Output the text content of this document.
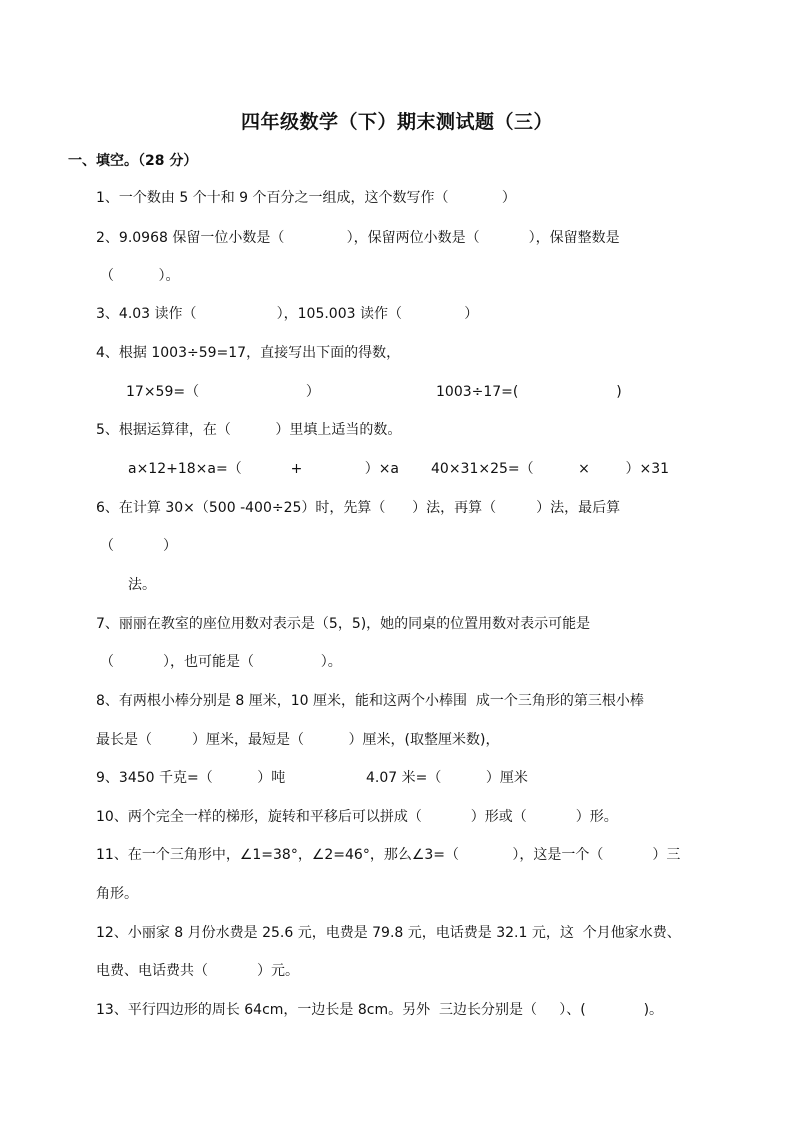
四年级数学（下）期末测试题（三）
一、填空。（28 分）
1、一个数由 5 个十和 9 个百分之一组成，这个数写作（            ）
2、9.0968 保留一位小数是（              ），保留两位小数是（           ），保留整数是
（          ）。
3、4.03 读作（                  ），105.003 读作（              ）
4、根据 1003÷59=17，直接写出下面的得数，
17×59=（                        ）	1003÷17=(                      )
5、根据运算律，在（          ）里填上适当的数。
a×12+18×a=（           +              ）×a 40×31×25=（          ×        ）×31
6、在计算 30×（500 -400÷25）时，先算（      ）法，再算（         ）法，最后算
（           ）
法。
7、丽丽在教室的座位用数对表示是（5，5)，她的同桌的位置用数对表示可能是
（           ），也可能是（               ）。
8、有两根小棒分别是 8 厘米，10 厘米，能和这两个小棒围  成一个三角形的第三根小棒
最长是（         ）厘米，最短是（          ）厘米，(取整厘米数)，
9、3450 千克=（          ）吨	4.07 米=（          ）厘米
10、两个完全一样的梯形，旋转和平移后可以拼成（           ）形或（           ）形。
11、在一个三角形中，∠1=38°，∠2=46°，那么∠3=（            ），这是一个（           ）三
角形。
12、小丽家 8 月份水费是 25.6 元，电费是 79.8 元，电话费是 32.1 元，这  个月他家水费、
电费、电话费共（           ）元。
13、平行四边形的周长 64cm，一边长是 8cm。另外  三边长分别是（     ）、(             )。
